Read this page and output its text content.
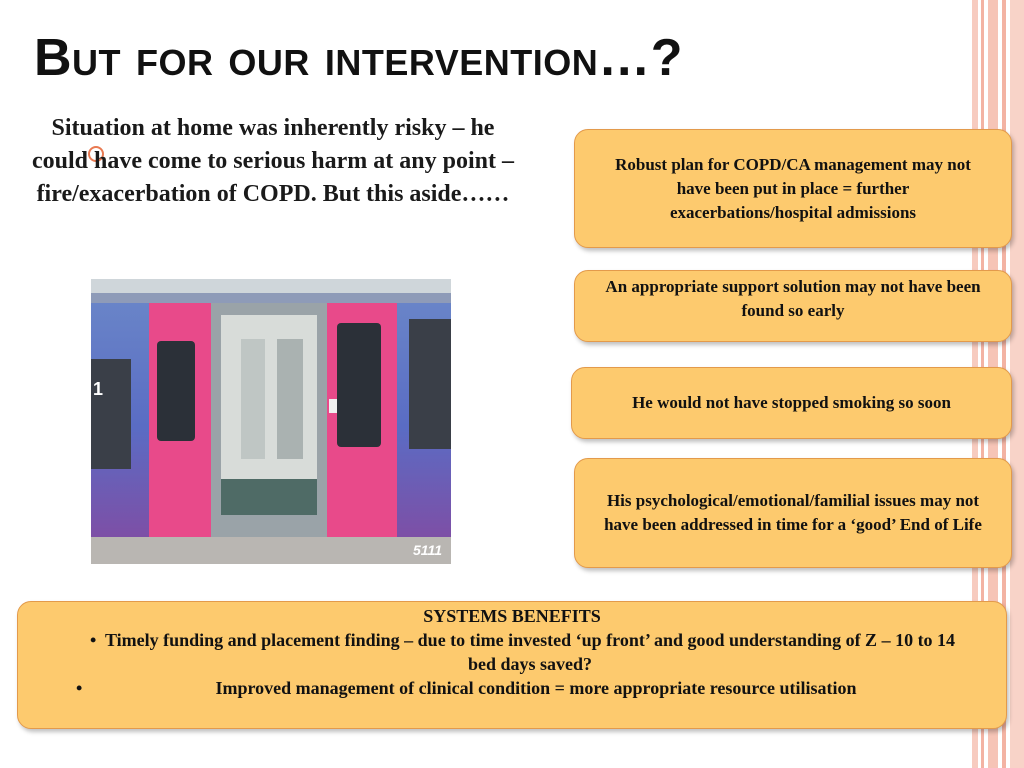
But for our intervention…?
Situation at home was inherently risky – he could have come to serious harm at any point – fire/exacerbation of COPD. But this aside……
1
5111
Robust plan for COPD/CA management may not have been put in place = further exacerbations/hospital admissions
An appropriate support solution may not have been found so early
He would not have stopped smoking so soon
His psychological/emotional/familial issues may not have been addressed in time for a ‘good’ End of Life
SYSTEMS BENEFITS
• Timely funding and placement finding – due to time invested ‘up front’ and good understanding of Z – 10 to 14 bed days saved?
•	Improved management of clinical condition = more appropriate resource utilisation
